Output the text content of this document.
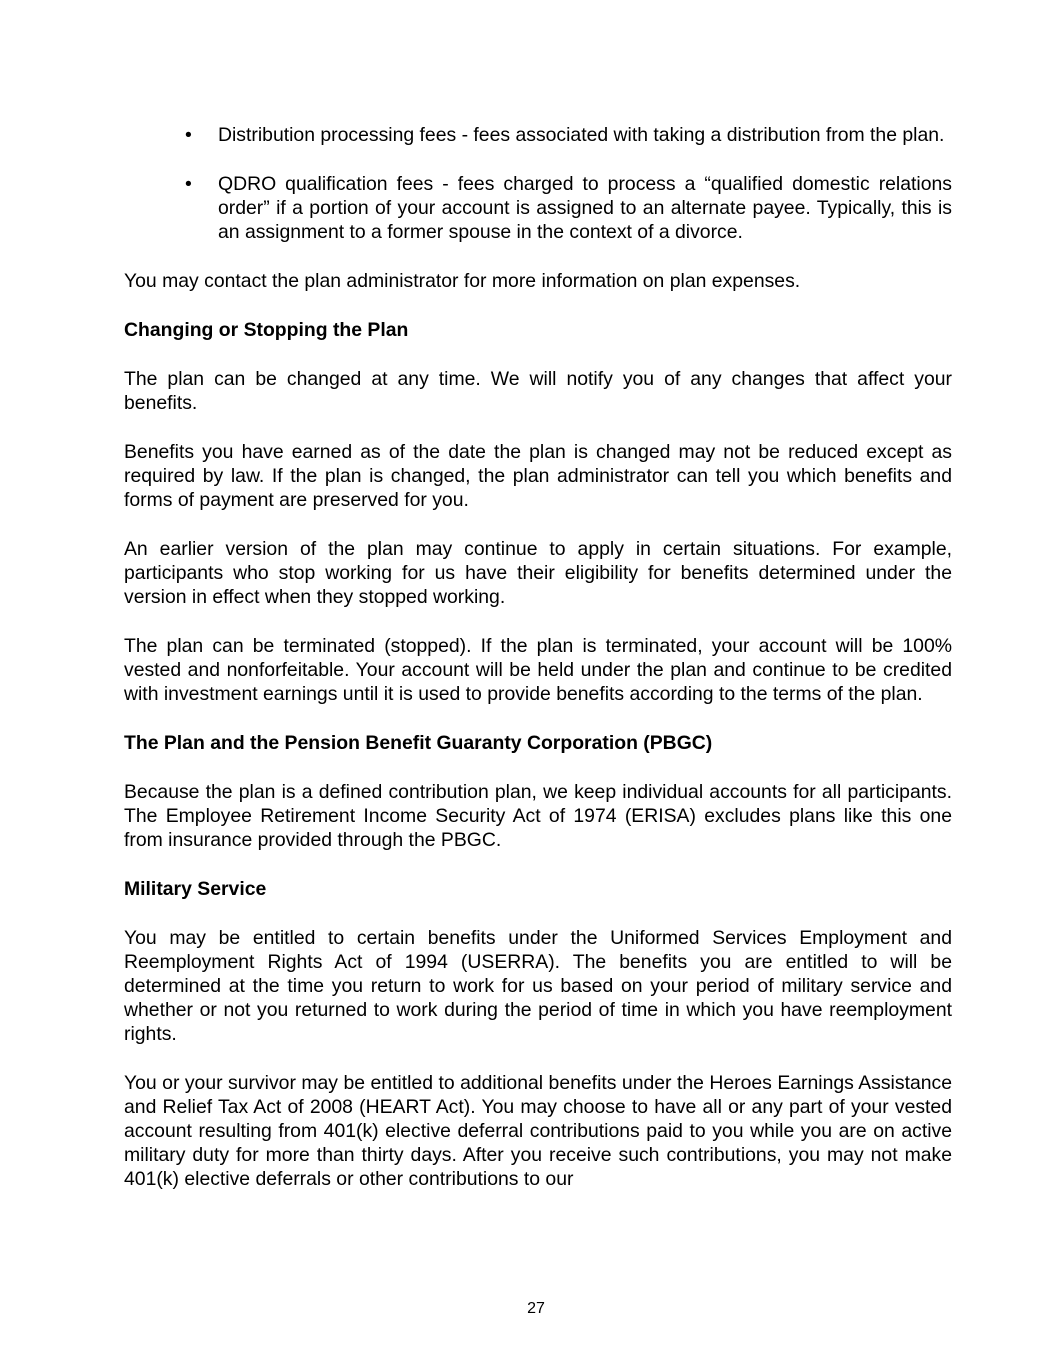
• Distribution processing fees - fees associated with taking a distribution from the plan.
• QDRO qualification fees - fees charged to process a “qualified domestic relations order” if a portion of your account is assigned to an alternate payee. Typically, this is an assignment to a former spouse in the context of a divorce.

You may contact the plan administrator for more information on plan expenses.

Changing or Stopping the Plan

The plan can be changed at any time. We will notify you of any changes that affect your benefits.

Benefits you have earned as of the date the plan is changed may not be reduced except as required by law. If the plan is changed, the plan administrator can tell you which benefits and forms of payment are preserved for you.

An earlier version of the plan may continue to apply in certain situations. For example, participants who stop working for us have their eligibility for benefits determined under the version in effect when they stopped working.

The plan can be terminated (stopped). If the plan is terminated, your account will be 100% vested and nonforfeitable. Your account will be held under the plan and continue to be credited with investment earnings until it is used to provide benefits according to the terms of the plan.

The Plan and the Pension Benefit Guaranty Corporation (PBGC)

Because the plan is a defined contribution plan, we keep individual accounts for all participants. The Employee Retirement Income Security Act of 1974 (ERISA) excludes plans like this one from insurance provided through the PBGC.

Military Service

You may be entitled to certain benefits under the Uniformed Services Employment and Reemployment Rights Act of 1994 (USERRA). The benefits you are entitled to will be determined at the time you return to work for us based on your period of military service and whether or not you returned to work during the period of time in which you have reemployment rights.

You or your survivor may be entitled to additional benefits under the Heroes Earnings Assistance and Relief Tax Act of 2008 (HEART Act). You may choose to have all or any part of your vested account resulting from 401(k) elective deferral contributions paid to you while you are on active military duty for more than thirty days. After you receive such contributions, you may not make 401(k) elective deferrals or other contributions to our

27
